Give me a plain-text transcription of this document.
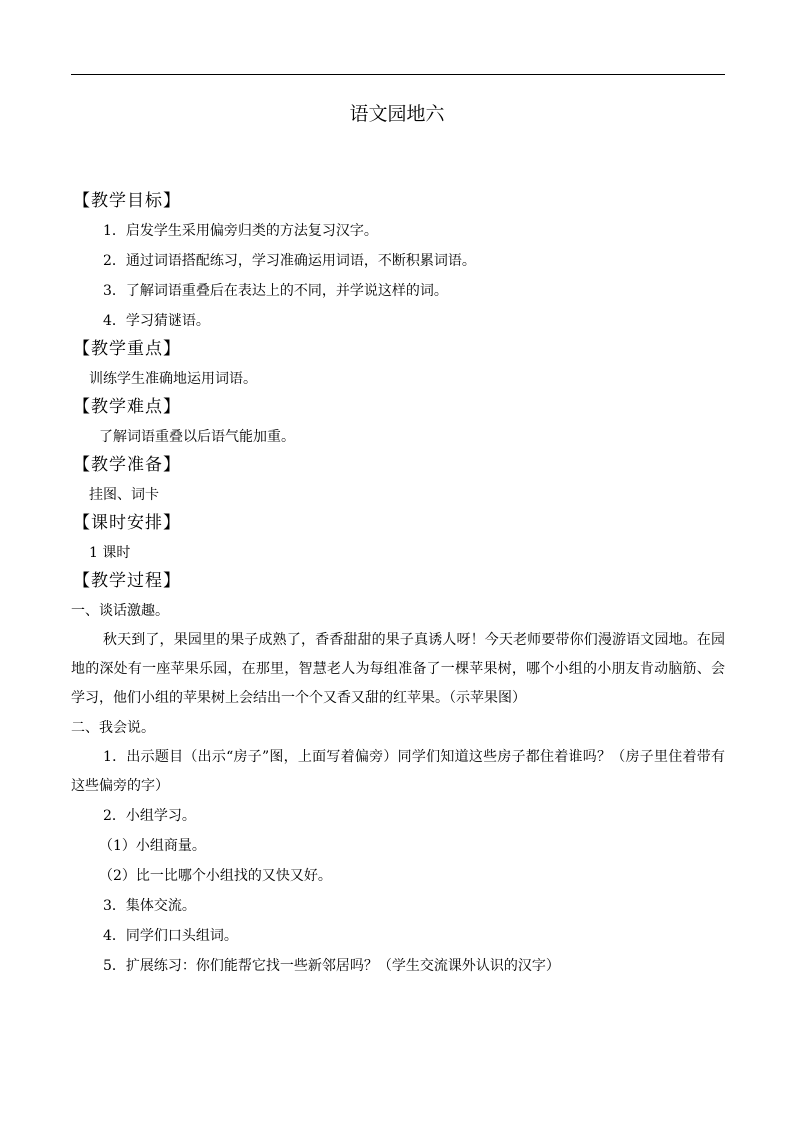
语文园地六
【教学目标】
1．启发学生采用偏旁归类的方法复习汉字。
2．通过词语搭配练习，学习准确运用词语，不断积累词语。
3．了解词语重叠后在表达上的不同，并学说这样的词。
4．学习猜谜语。
【教学重点】
训练学生准确地运用词语。
【教学难点】
了解词语重叠以后语气能加重。
【教学准备】
挂图、词卡
【课时安排】
1 课时
【教学过程】
一、谈话激趣。

秋天到了，果园里的果子成熟了，香香甜甜的果子真诱人呀！今天老师要带你们漫游语文园地。在园地的深处有一座苹果乐园，在那里，智慧老人为每组准备了一棵苹果树，哪个小组的小朋友肯动脑筋、会学习，他们小组的苹果树上会结出一个个又香又甜的红苹果。（示苹果图）

二、我会说。

1．出示题目（出示“房子”图，上面写着偏旁）同学们知道这些房子都住着谁吗？（房子里住着带有这些偏旁的字）

2．小组学习。
（1）小组商量。
（2）比一比哪个小组找的又快又好。
3．集体交流。
4．同学们口头组词。
5．扩展练习：你们能帮它找一些新邻居吗？（学生交流课外认识的汉字）
